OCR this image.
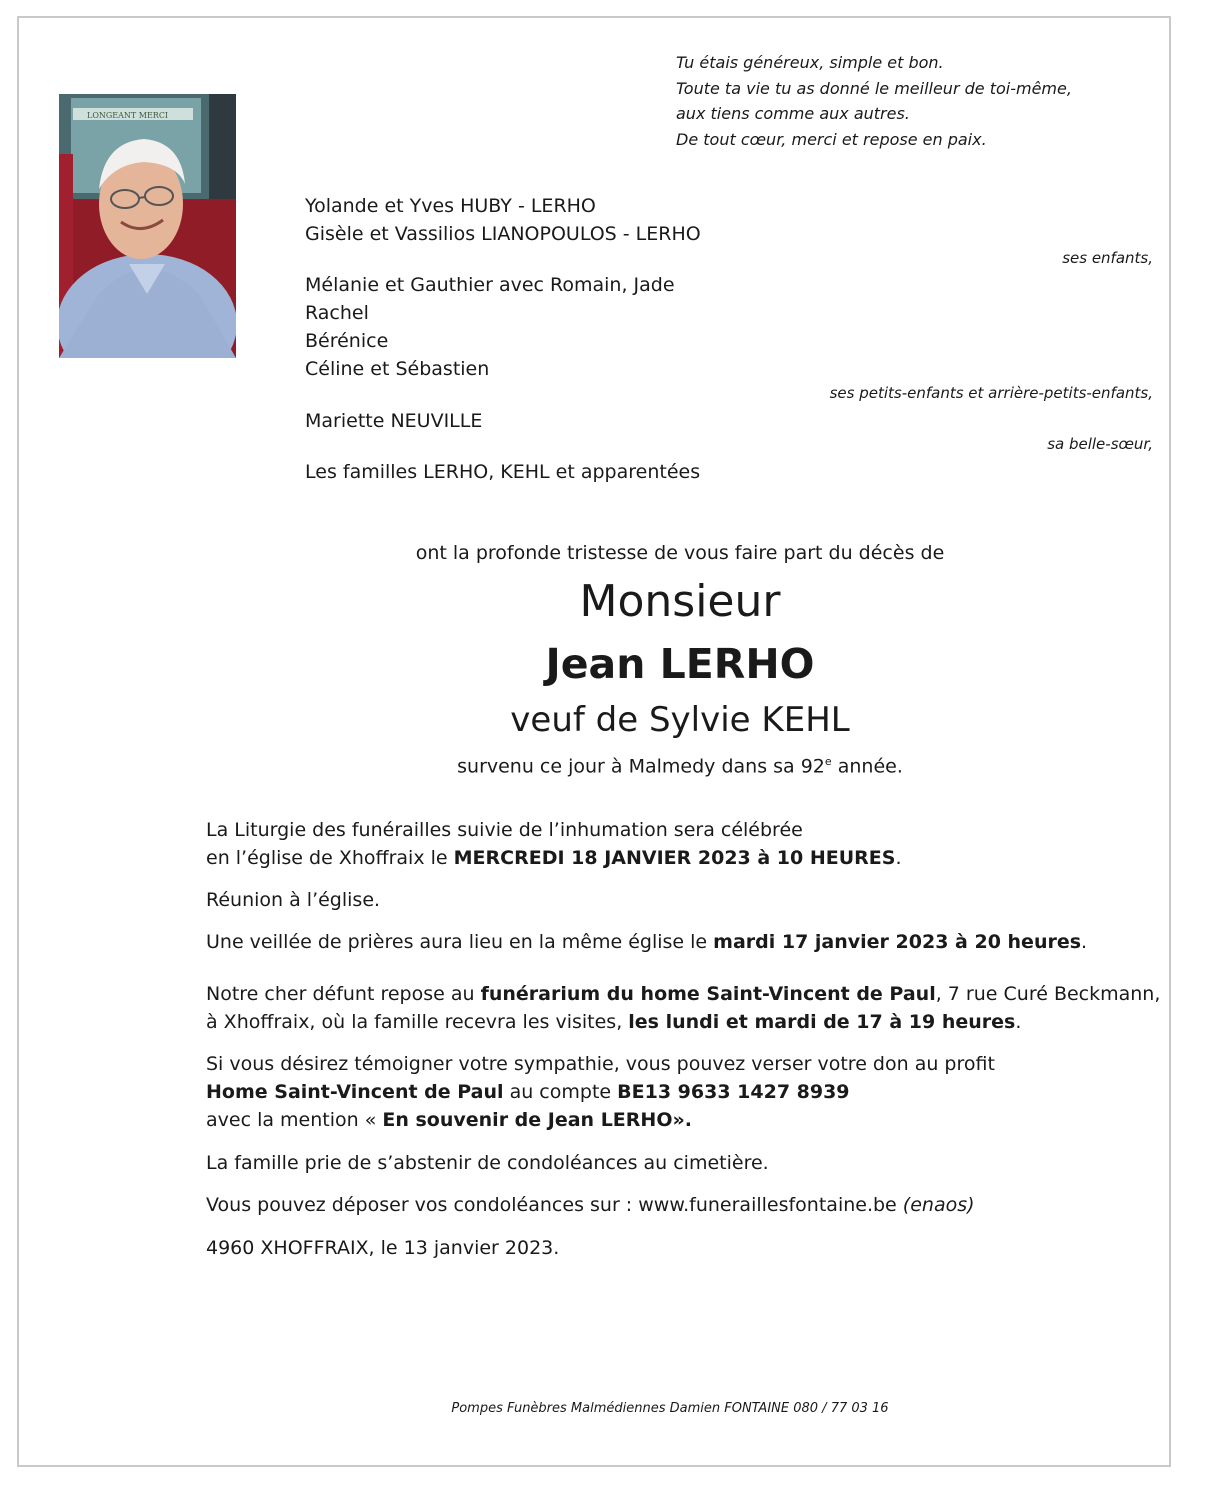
Tu étais généreux, simple et bon.
Toute ta vie tu as donné le meilleur de toi-même,
aux tiens comme aux autres.
De tout cœur, merci et repose en paix.
LONGEANT MERCI
Yolande et Yves HUBY - LERHO
Gisèle et Vassilios LIANOPOULOS - LERHO
ses enfants,
Mélanie et Gauthier avec Romain, Jade
Rachel
Bérénice
Céline et Sébastien
ses petits-enfants et arrière-petits-enfants,
Mariette NEUVILLE
sa belle-sœur,
Les familles LERHO, KEHL et apparentées
ont la profonde tristesse de vous faire part du décès de
Monsieur
Jean LERHO
veuf de Sylvie KEHL
survenu ce jour à Malmedy dans sa 92e année.
La Liturgie des funérailles suivie de l’inhumation sera célébrée
en l’église de Xhoffraix le MERCREDI 18 JANVIER 2023 à 10 HEURES.
Réunion à l’église.
Une veillée de prières aura lieu en la même église le mardi 17 janvier 2023 à 20 heures.
Notre cher défunt repose au funérarium du home Saint-Vincent de Paul, 7 rue Curé Beckmann,
à Xhoffraix, où la famille recevra les visites, les lundi et mardi de 17 à 19 heures.
Si vous désirez témoigner votre sympathie, vous pouvez verser votre don au profit
Home Saint-Vincent de Paul au compte BE13 9633 1427 8939
avec la mention « En souvenir de Jean LERHO».
La famille prie de s’abstenir de condoléances au cimetière.
Vous pouvez déposer vos condoléances sur : www.funeraillesfontaine.be (enaos)
4960 XHOFFRAIX, le 13 janvier 2023.
Pompes Funèbres Malmédiennes Damien FONTAINE 080 / 77 03 16
